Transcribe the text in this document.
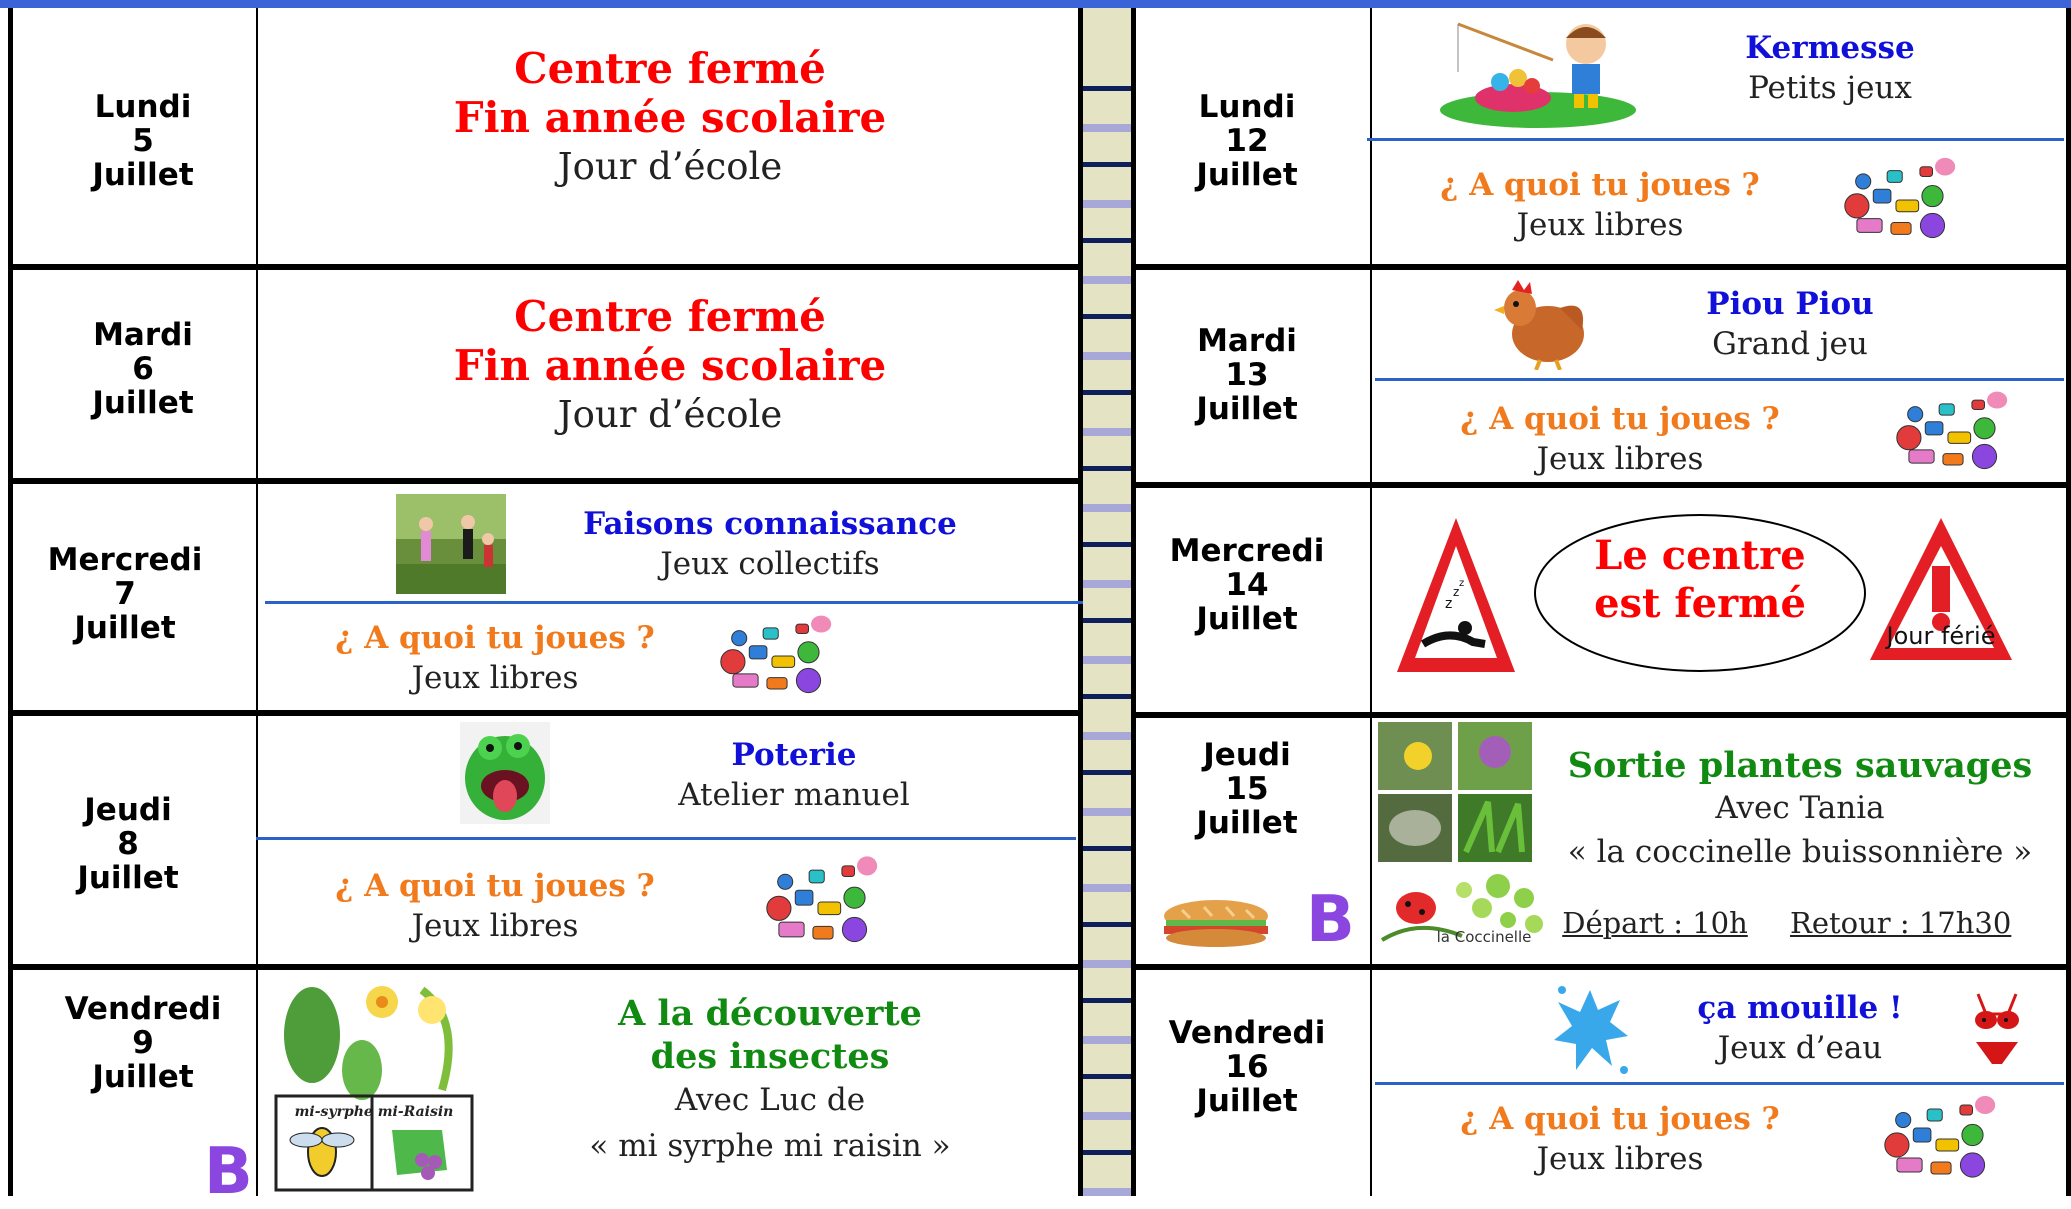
Lundi
5
Juillet
Mardi
6
Juillet
Mercredi
7
Juillet
Jeudi
8
Juillet
Vendredi
9
Juillet
Centre fermé
Fin année scolaire
Jour d’école
Centre fermé
Fin année scolaire
Jour d’école
Faisons connaissance
Jeux collectifs
¿ A quoi tu joues ?
Jeux libres
Poterie
Atelier manuel
¿ A quoi tu joues ?
Jeux libres
mi-syrphe mi-Raisin
B
A la découverte
des insectes
Avec Luc de
« mi syrphe mi raisin »
Lundi
12
Juillet
Mardi
13
Juillet
Mercredi
14
Juillet
Jeudi
15
Juillet
Vendredi
16
Juillet
Kermesse
Petits jeux
¿ A quoi tu joues ?
Jeux libres
Piou Piou
Grand jeu
¿ A quoi tu joues ?
Jeux libres
z
z
z
Le centre
est fermé
Jour férié
la Coccinelle
Sortie plantes sauvages
Avec Tania
« la coccinelle buissonnière »
Départ : 10h Retour : 17h30
B
ça mouille !
Jeux d’eau
¿ A quoi tu joues ?
Jeux libres
